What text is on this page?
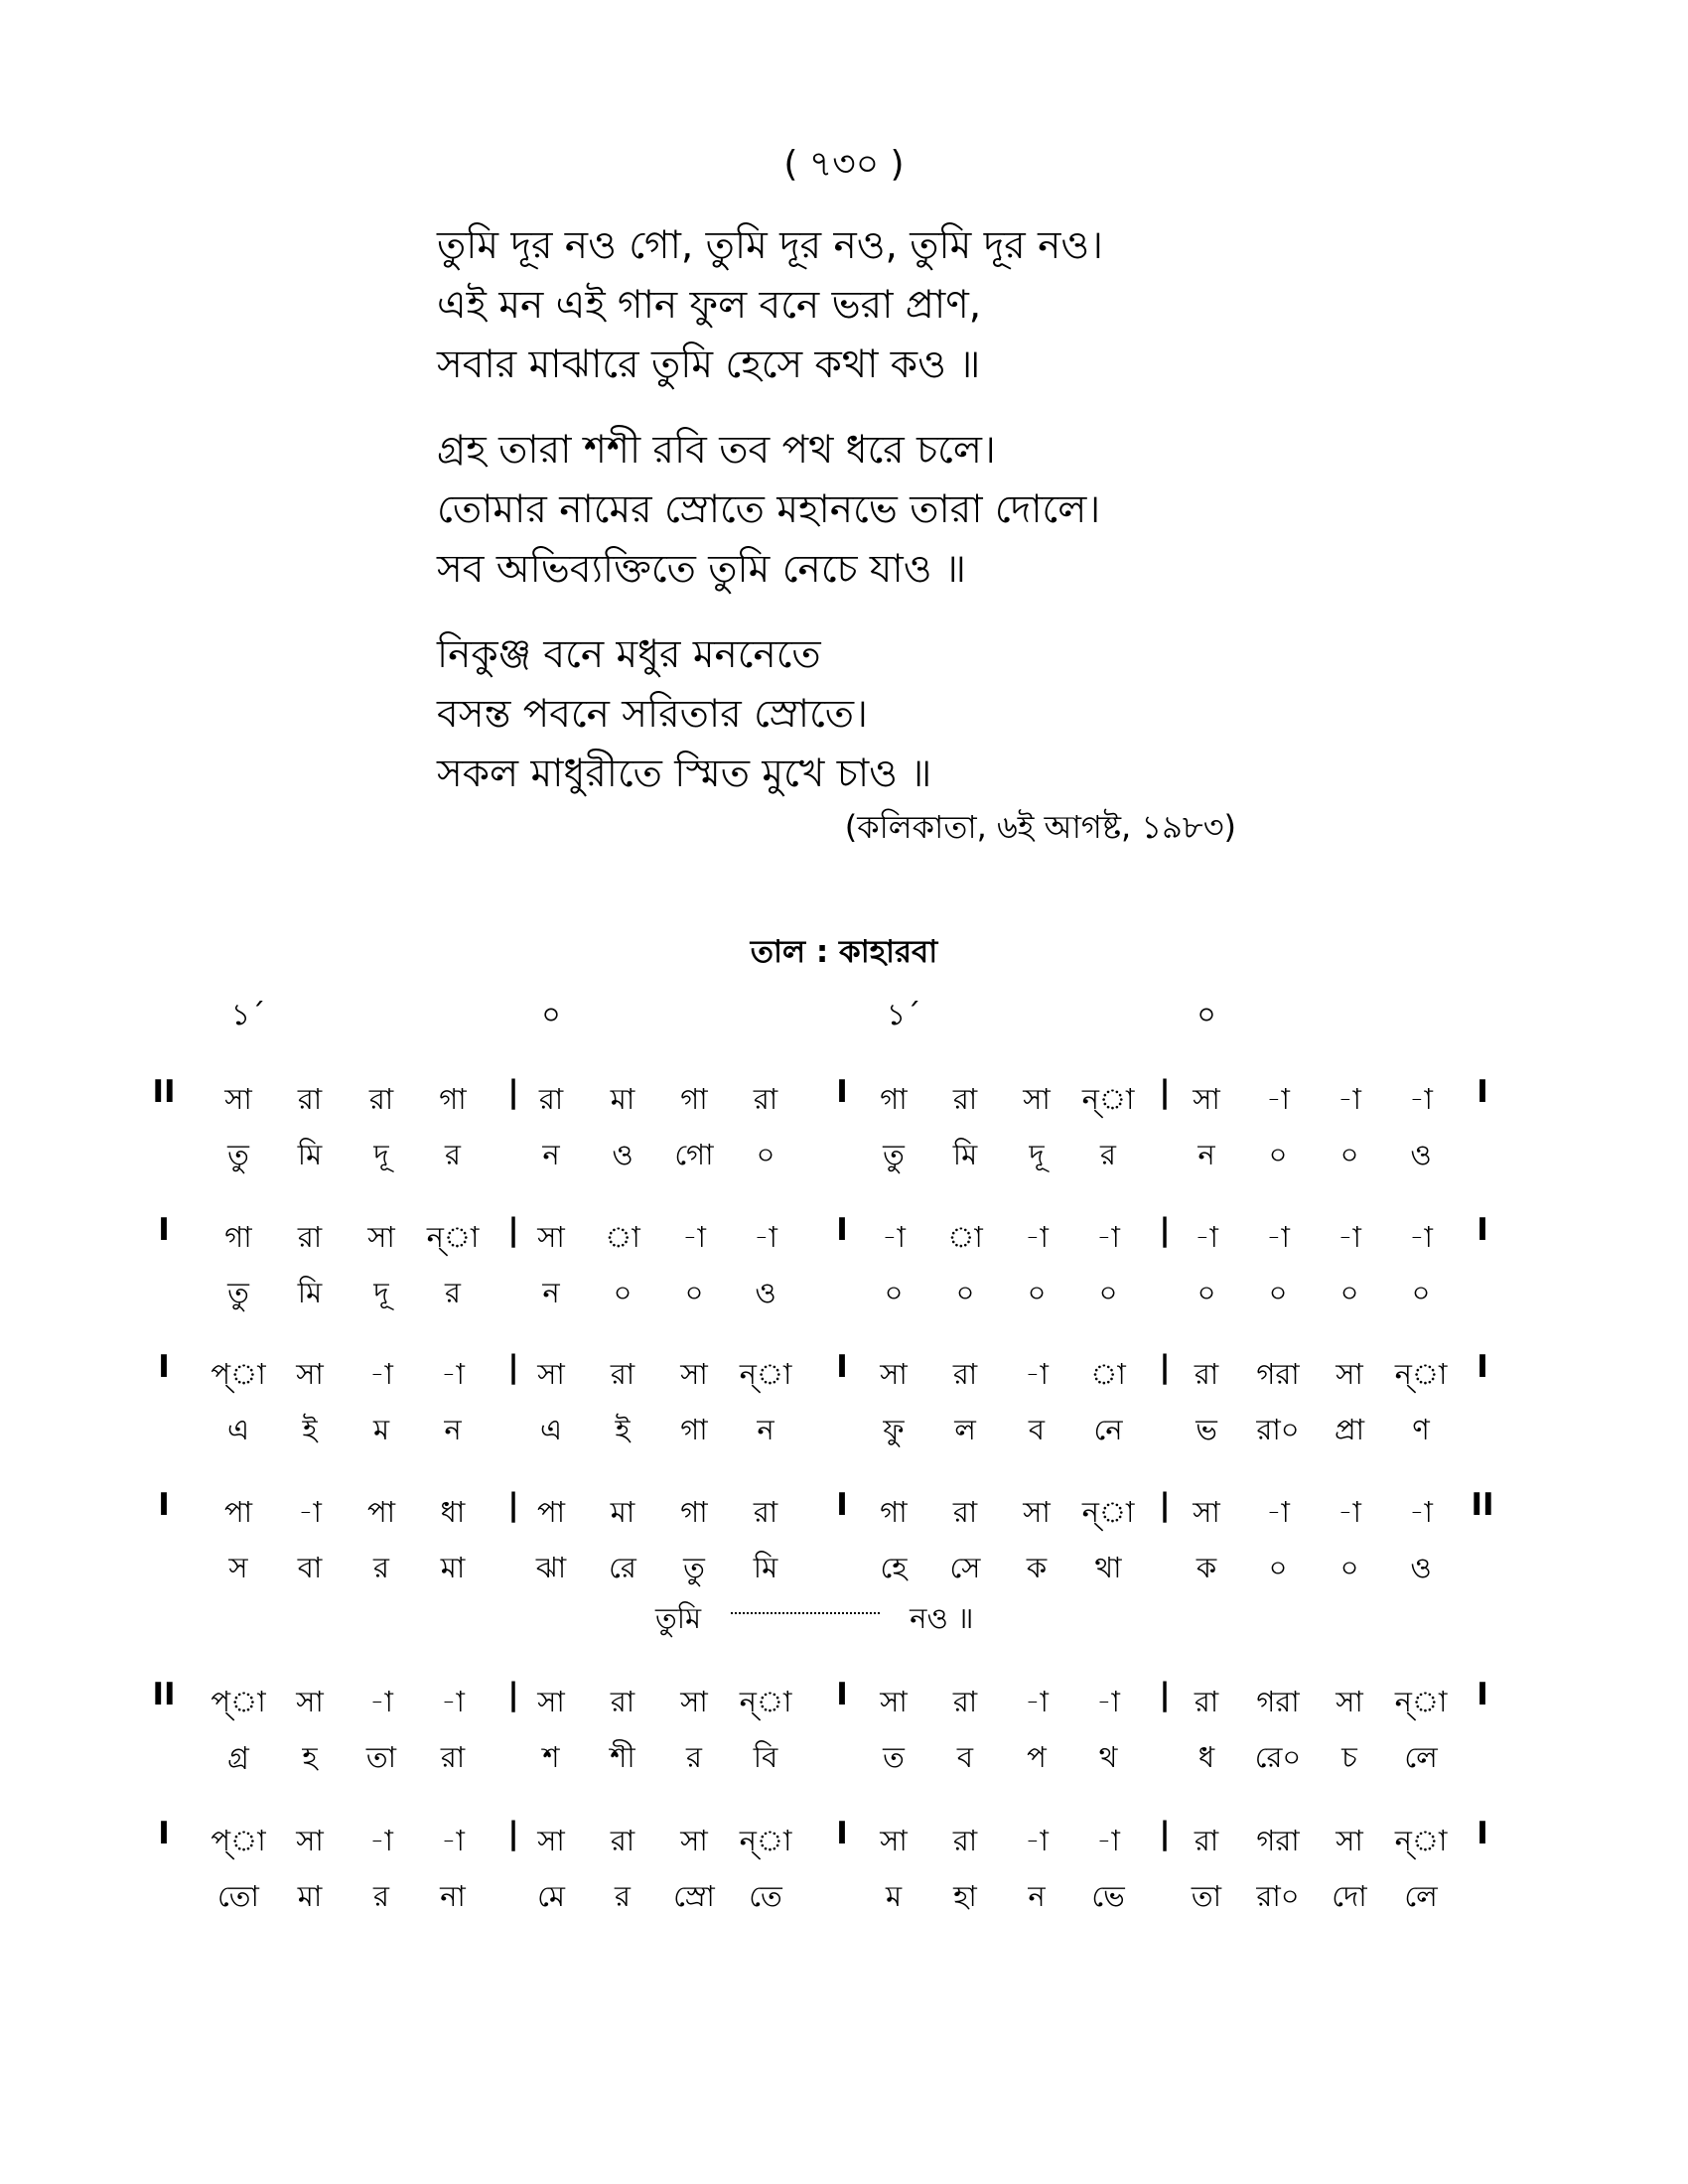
( ৭৩০ )
তুমি দূর নও গো, তুমি দূর নও, তুমি দূর নও।
এই মন এই গান ফুল বনে ভরা প্রাণ,
সবার মাঝারে তুমি হেসে কথা কও ॥
গ্রহ তারা শশী রবি তব পথ ধরে চলে।
তোমার নামের স্রোতে মহানভে তারা দোলে।
সব অভিব্যক্তিতে তুমি নেচে যাও ॥
নিকুঞ্জ বনে মধুর মননেতে
বসন্ত পবনে সরিতার স্রোতে।
সকল মাধুরীতে স্মিত মুখে চাও ॥
(কলিকাতা, ৬ই আগষ্ট, ১৯৮৩)
তাল : কাহারবা
১´	০	১´	০
II	|	I	|	I
সা	রা	রা	গা	রা	মা	গা	রা	গা	রা	সা	ন্া	সা	-া	-া	-া
তু	মি	দূ	র	ন	ও	গো	০	তু	মি	দূ	র	ন	০	০	ও
I	|	I	|	I
গা	রা	সা	ন্া	সা	া	-া	-া	-া	া	-া	-া	-া	-া	-া	-া
তু	মি	দূ	র	ন	০	০	ও	০	০	০	০	০	০	০	০
I	|	I	|	I
প্া	সা	-া	-া	সা	রা	সা	ন্া	সা	রা	-া	া	রা	গরা	সা	ন্া
এ	ই	ম	ন	এ	ই	গা	ন	ফু	ল	ব	নে	ভ	রা০	প্রা	ণ
I	|	I	|	II
পা	-া	পা	ধা	পা	মা	গা	রা	গা	রা	সা	ন্া	সা	-া	-া	-া
স	বা	র	মা	ঝা	রে	তু	মি	হে	সে	ক	থা	ক	০	০	ও
II	|	I	|	I
প্া	সা	-া	-া	সা	রা	সা	ন্া	সা	রা	-া	-া	রা	গরা	সা	ন্া
গ্র	হ	তা	রা	শ	শী	র	বি	ত	ব	প	থ	ধ	রে০	চ	লে
I	|	I	|	I
প্া	সা	-া	-া	সা	রা	সা	ন্া	সা	রা	-া	-া	রা	গরা	সা	ন্া
তো	মা	র	না	মে	র	স্রো	তে	ম	হা	ন	ভে	তা	রা০	দো	লে
তুমি	নও ॥
